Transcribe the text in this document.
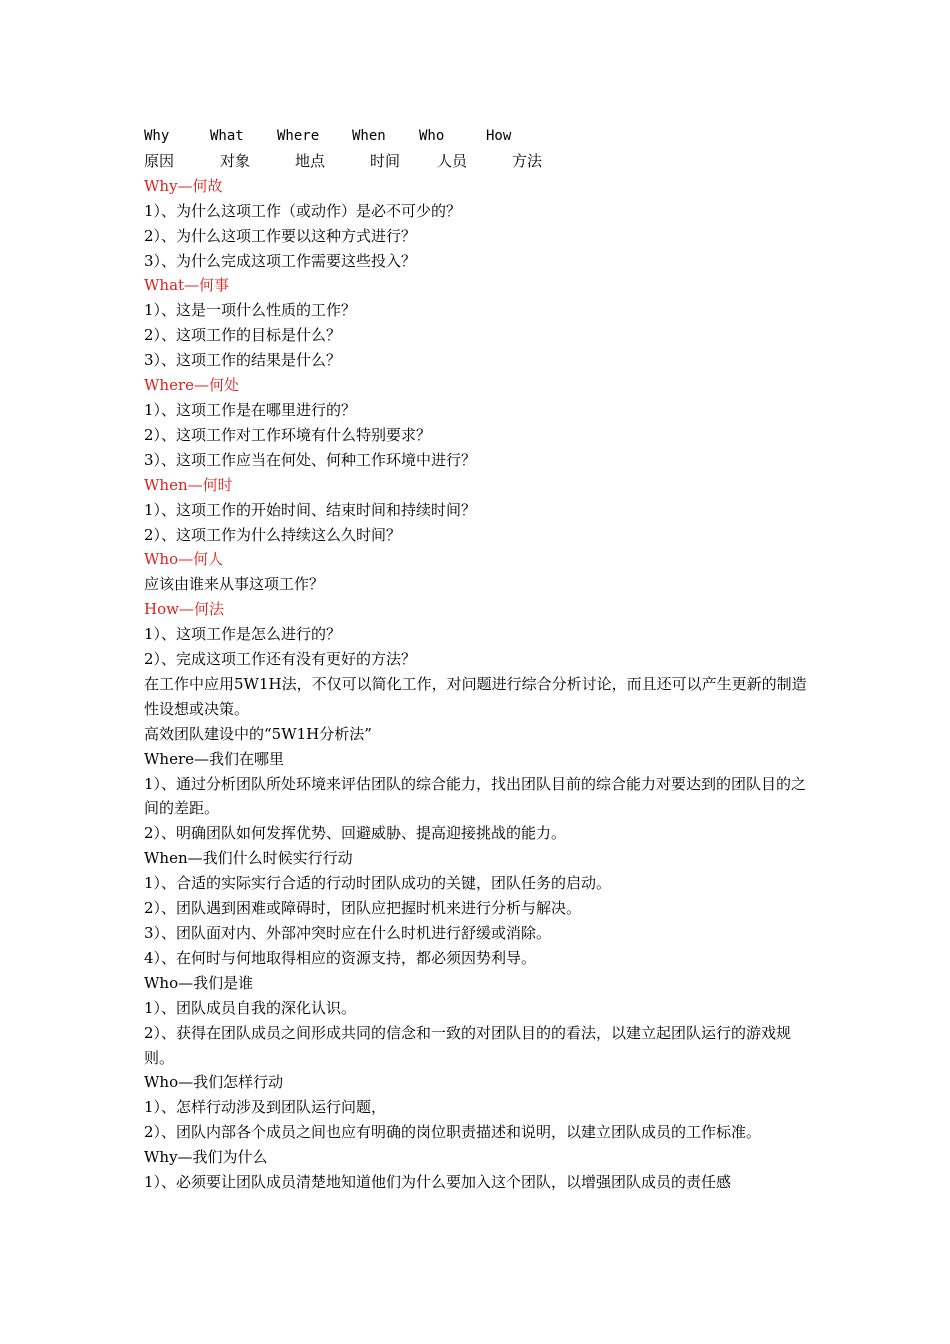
Why	What Where When Who	How
原因	对象	地点	时间 人员	方法
Why—何故
1）、为什么这项工作（或动作）是必不可少的？
2）、为什么这项工作要以这种方式进行？
3）、为什么完成这项工作需要这些投入？
What—何事
1）、这是一项什么性质的工作？
2）、这项工作的目标是什么？
3）、这项工作的结果是什么？
Where—何处
1）、这项工作是在哪里进行的？
2）、这项工作对工作环境有什么特别要求？
3）、这项工作应当在何处、何种工作环境中进行？
When—何时
1）、这项工作的开始时间、结束时间和持续时间？
2）、这项工作为什么持续这么久时间？
Who—何人
应该由谁来从事这项工作？
How—何法
1）、这项工作是怎么进行的？
2）、完成这项工作还有没有更好的方法？
在工作中应用5W1H法，不仅可以简化工作，对问题进行综合分析讨论，而且还可以产生更新的制造性设想或决策。
高效团队建设中的“5W1H分析法”
Where—我们在哪里
1）、通过分析团队所处环境来评估团队的综合能力，找出团队目前的综合能力对要达到的团队目的之间的差距。
2）、明确团队如何发挥优势、回避威胁、提高迎接挑战的能力。
When—我们什么时候实行行动
1）、合适的实际实行合适的行动时团队成功的关键，团队任务的启动。
2）、团队遇到困难或障碍时，团队应把握时机来进行分析与解决。
3）、团队面对内、外部冲突时应在什么时机进行舒缓或消除。
4）、在何时与何地取得相应的资源支持，都必须因势利导。
Who—我们是谁
1）、团队成员自我的深化认识。
2）、获得在团队成员之间形成共同的信念和一致的对团队目的的看法，以建立起团队运行的游戏规则。
Who—我们怎样行动
1）、怎样行动涉及到团队运行问题，
2）、团队内部各个成员之间也应有明确的岗位职责描述和说明，以建立团队成员的工作标准。
Why—我们为什么
1）、必须要让团队成员清楚地知道他们为什么要加入这个团队，以增强团队成员的责任感
